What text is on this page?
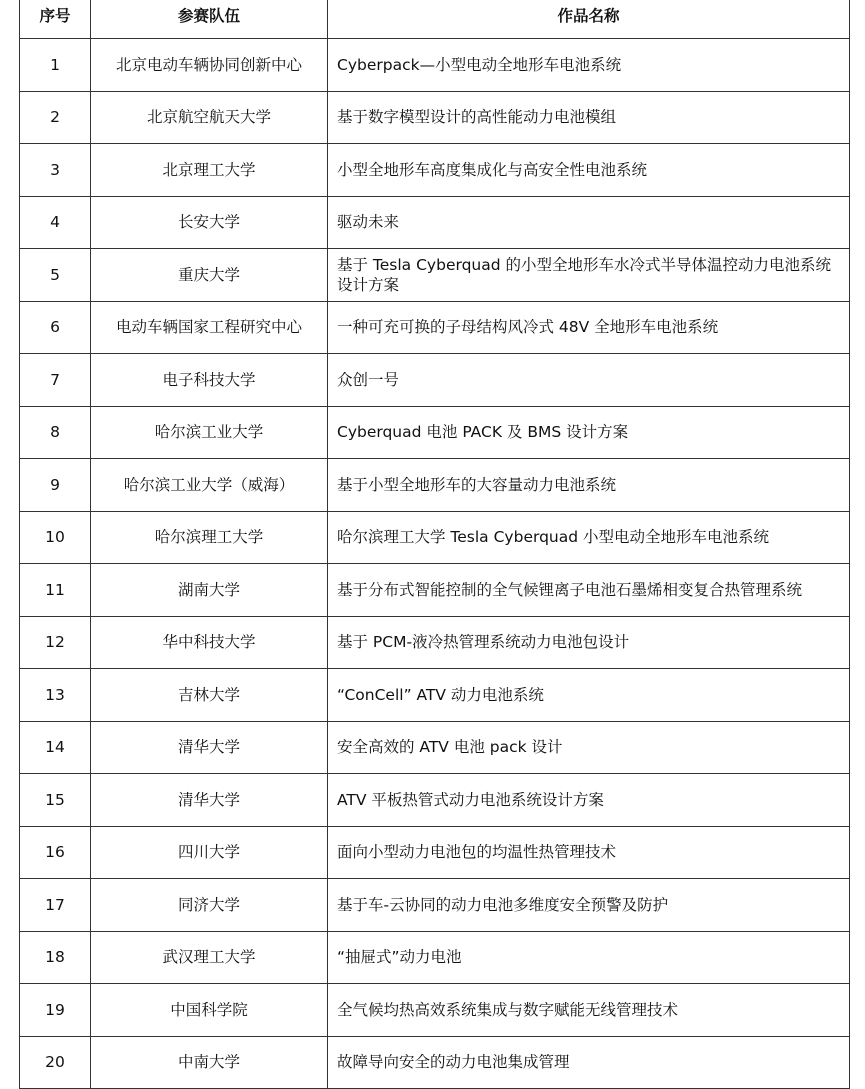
序号	参赛队伍	作品名称
1	北京电动车辆协同创新中心	Cyberpack—小型电动全地形车电池系统
2	北京航空航天大学	基于数字模型设计的高性能动力电池模组
3	北京理工大学	小型全地形车高度集成化与高安全性电池系统
4	长安大学	驱动未来
5	重庆大学	基于 Tesla Cyberquad 的小型全地形车水冷式半导体温控动力电池系统设计方案
6	电动车辆国家工程研究中心	一种可充可换的子母结构风冷式 48V 全地形车电池系统
7	电子科技大学	众创一号
8	哈尔滨工业大学	Cyberquad 电池 PACK 及 BMS 设计方案
9	哈尔滨工业大学（威海）	基于小型全地形车的大容量动力电池系统
10	哈尔滨理工大学	哈尔滨理工大学 Tesla Cyberquad 小型电动全地形车电池系统
11	湖南大学	基于分布式智能控制的全气候锂离子电池石墨烯相变复合热管理系统
12	华中科技大学	基于 PCM-液冷热管理系统动力电池包设计
13	吉林大学	“ConCell” ATV 动力电池系统
14	清华大学	安全高效的 ATV 电池 pack 设计
15	清华大学	ATV 平板热管式动力电池系统设计方案
16	四川大学	面向小型动力电池包的均温性热管理技术
17	同济大学	基于车-云协同的动力电池多维度安全预警及防护
18	武汉理工大学	“抽屉式”动力电池
19	中国科学院	全气候均热高效系统集成与数字赋能无线管理技术
20	中南大学	故障导向安全的动力电池集成管理
